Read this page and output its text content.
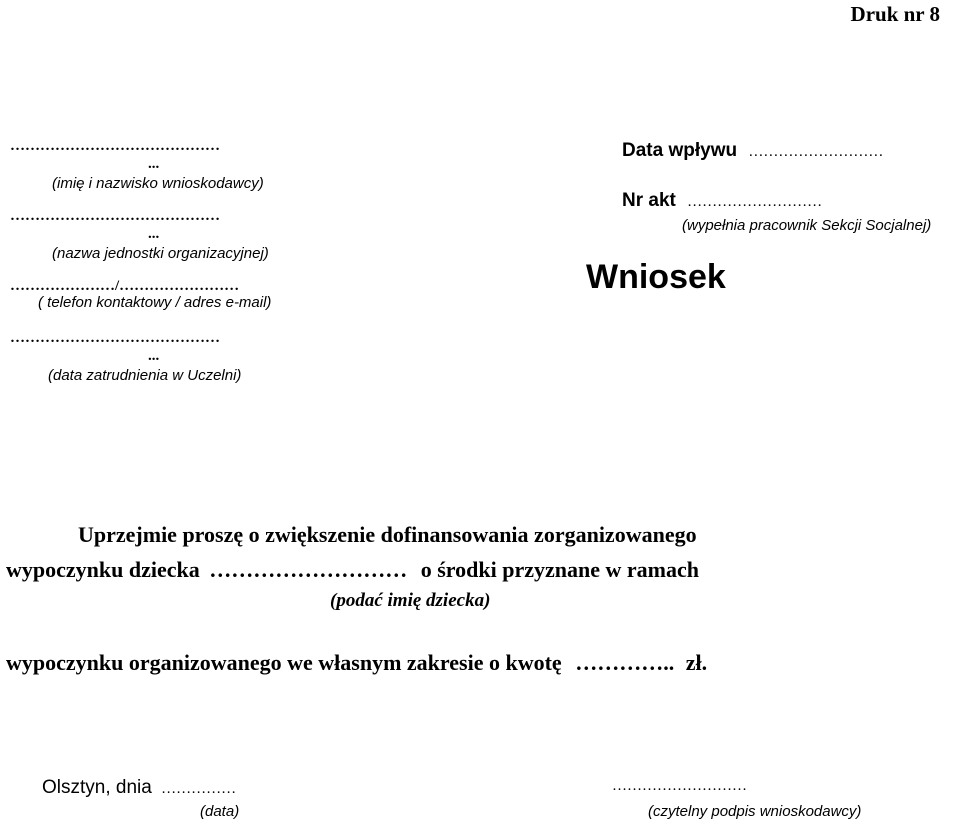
Druk nr 8
……………………………………
...
(imię i nazwisko wnioskodawcy)
……………………………………
...
(nazwa jednostki organizacyjnej)
…………………/……………………
( telefon kontaktowy / adres e-mail)
……………………………………
...
(data zatrudnienia w Uczelni)
Data wpływu ………………………
Nr akt ………………………
(wypełnia pracownik Sekcji Socjalnej)
Wniosek
Uprzejmie proszę o zwiększenie dofinansowania zorganizowanego
wypoczynku dziecka ……………………… o środki przyznane w ramach
(podać imię dziecka)
wypoczynku organizowanego we własnym zakresie o kwotę ………….. zł.
Olsztyn, dnia ……………
(data)
………………………
(czytelny podpis wnioskodawcy)
